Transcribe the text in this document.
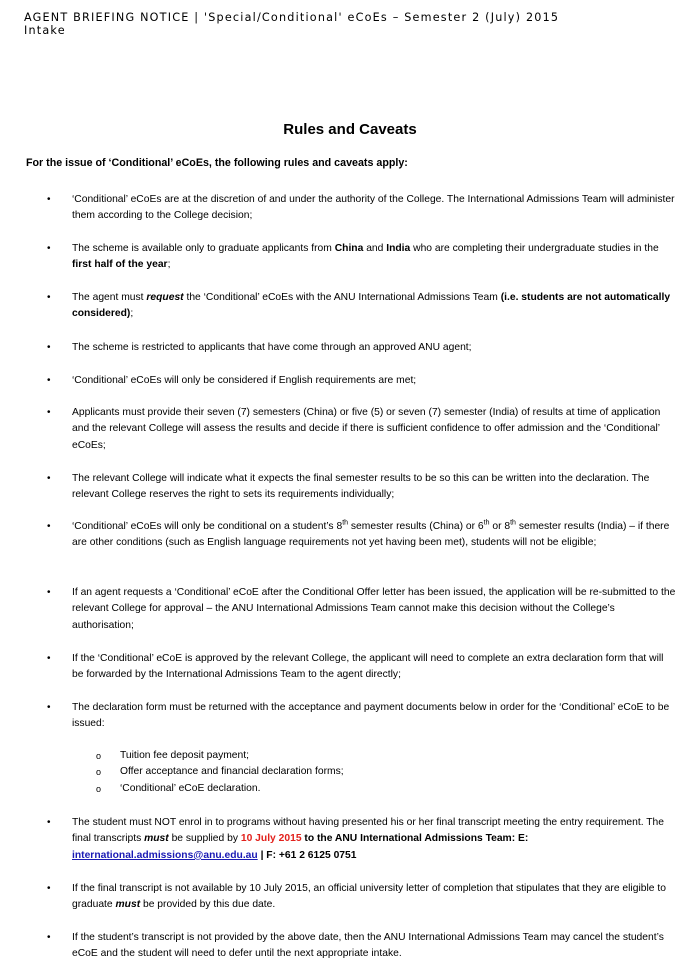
AGENT BRIEFING NOTICE | 'Special/Conditional' eCoEs – Semester 2 (July) 2015
Intake
Rules and Caveats
For the issue of ‘Conditional’ eCoEs, the following rules and caveats apply:
• ‘Conditional’ eCoEs are at the discretion of and under the authority of the College. The International Admissions Team will administer them according to the College decision;
• The scheme is available only to graduate applicants from China and India who are completing their undergraduate studies in the first half of the year;
• The agent must request the ‘Conditional’ eCoEs with the ANU International Admissions Team (i.e. students are not automatically considered);
• The scheme is restricted to applicants that have come through an approved ANU agent;
• ‘Conditional’ eCoEs will only be considered if English requirements are met;
• Applicants must provide their seven (7) semesters (China) or five (5) or seven (7) semester (India) of results at time of application and the relevant College will assess the results and decide if there is sufficient confidence to offer admission and the ‘Conditional’ eCoEs;
• The relevant College will indicate what it expects the final semester results to be so this can be written into the declaration. The relevant College reserves the right to sets its requirements individually;
• ‘Conditional’ eCoEs will only be conditional on a student’s 8th semester results (China) or 6th or 8th semester results (India) – if there are other conditions (such as English language requirements not yet having been met), students will not be eligible;
• If an agent requests a ‘Conditional’ eCoE after the Conditional Offer letter has been issued, the application will be re-submitted to the relevant College for approval – the ANU International Admissions Team cannot make this decision without the College’s authorisation;
• If the ‘Conditional’ eCoE is approved by the relevant College, the applicant will need to complete an extra declaration form that will be forwarded by the International Admissions Team to the agent directly;
• The declaration form must be returned with the acceptance and payment documents below in order for the ‘Conditional’ eCoE to be issued:
o Tuition fee deposit payment;
o Offer acceptance and financial declaration forms;
o ‘Conditional’ eCoE declaration.
• The student must NOT enrol in to programs without having presented his or her final transcript meeting the entry requirement. The final transcripts must be supplied by 10 July 2015 to the ANU International Admissions Team: E: international.admissions@anu.edu.au | F: +61 2 6125 0751
• If the final transcript is not available by 10 July 2015, an official university letter of completion that stipulates that they are eligible to graduate must be provided by this due date.
• If the student’s transcript is not provided by the above date, then the ANU International Admissions Team may cancel the student’s eCoE and the student will need to defer until the next appropriate intake.
